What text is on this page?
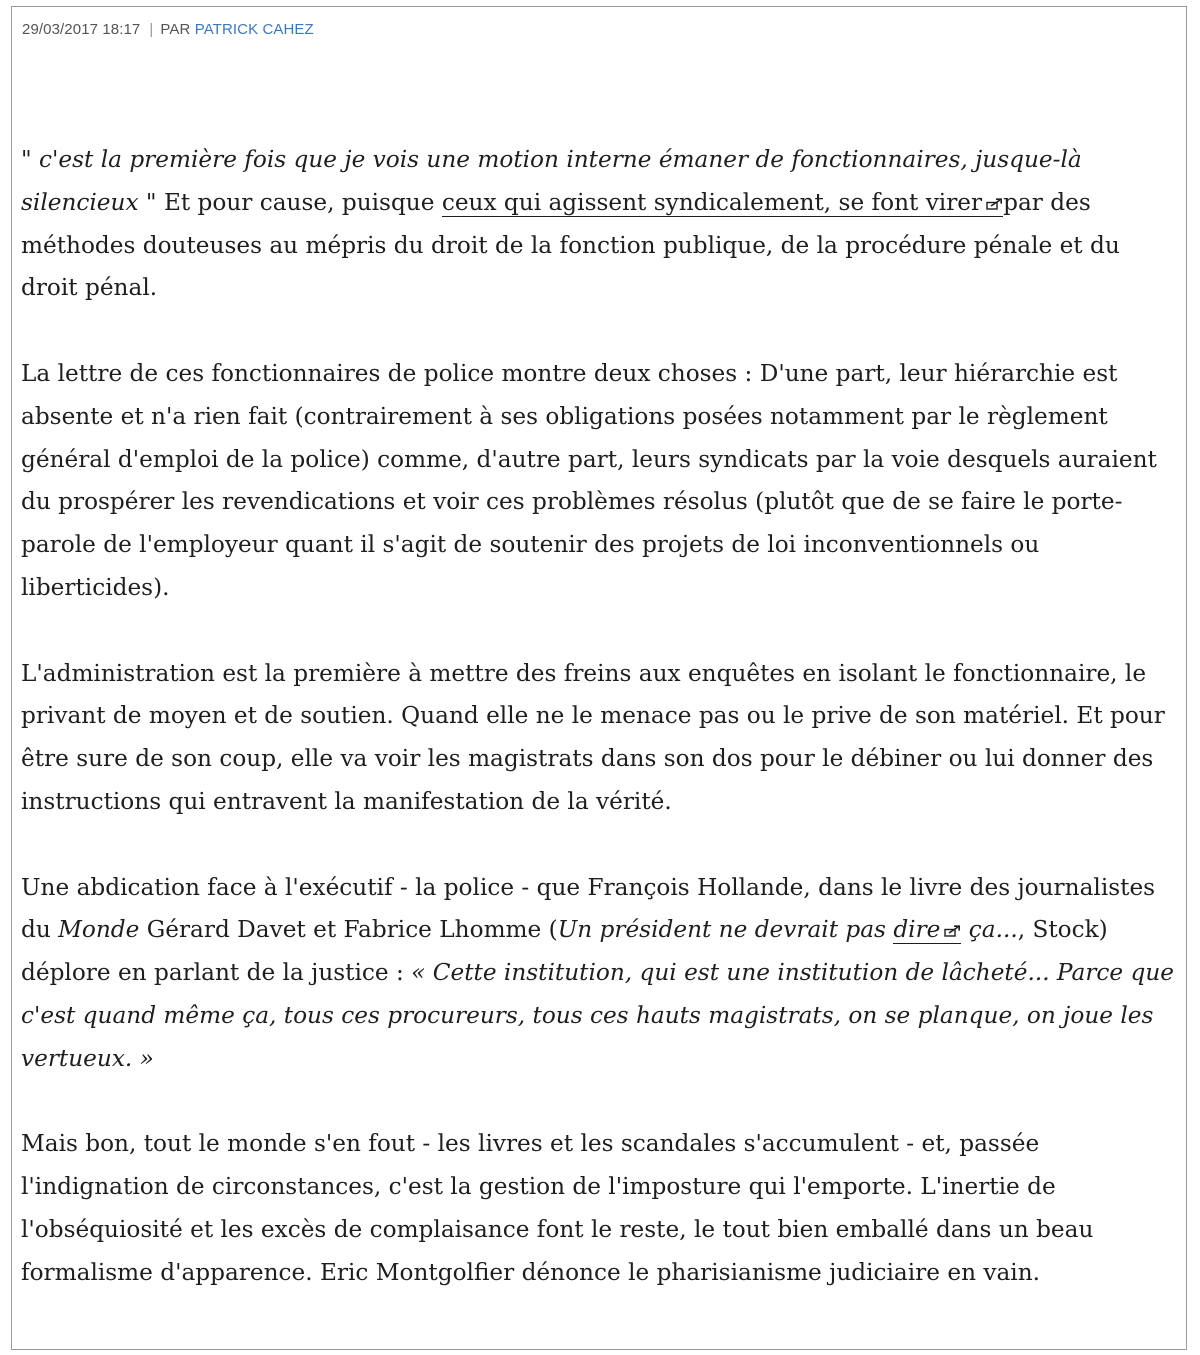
29/03/2017 18:17 | PAR PATRICK CAHEZ

" c'est la première fois que je vois une motion interne émaner de fonctionnaires, jusque-là silencieux " Et pour cause, puisque ceux qui agissent syndicalement, se font virer par des méthodes douteuses au mépris du droit de la fonction publique, de la procédure pénale et du droit pénal.

La lettre de ces fonctionnaires de police montre deux choses : D'une part, leur hiérarchie est absente et n'a rien fait (contrairement à ses obligations posées notamment par le règlement général d'emploi de la police) comme, d'autre part, leurs syndicats par la voie desquels auraient du prospérer les revendications et voir ces problèmes résolus (plutôt que de se faire le porte-parole de l'employeur quant il s'agit de soutenir des projets de loi inconventionnels ou liberticides).

L'administration est la première à mettre des freins aux enquêtes en isolant le fonctionnaire, le privant de moyen et de soutien. Quand elle ne le menace pas ou le prive de son matériel. Et pour être sure de son coup, elle va voir les magistrats dans son dos pour le débiner ou lui donner des instructions qui entravent la manifestation de la vérité.

Une abdication face à l'exécutif - la police - que François Hollande, dans le livre des journalistes du Monde Gérard Davet et Fabrice Lhomme (Un président ne devrait pas dire ça..., Stock) déplore en parlant de la justice : « Cette institution, qui est une institution de lâcheté... Parce que c'est quand même ça, tous ces procureurs, tous ces hauts magistrats, on se planque, on joue les vertueux. »

Mais bon, tout le monde s'en fout - les livres et les scandales s'accumulent - et, passée l'indignation de circonstances, c'est la gestion de l'imposture qui l'emporte. L'inertie de l'obséquiosité et les excès de complaisance font le reste, le tout bien emballé dans un beau formalisme d'apparence. Eric Montgolfier dénonce le pharisianisme judiciaire en vain.
